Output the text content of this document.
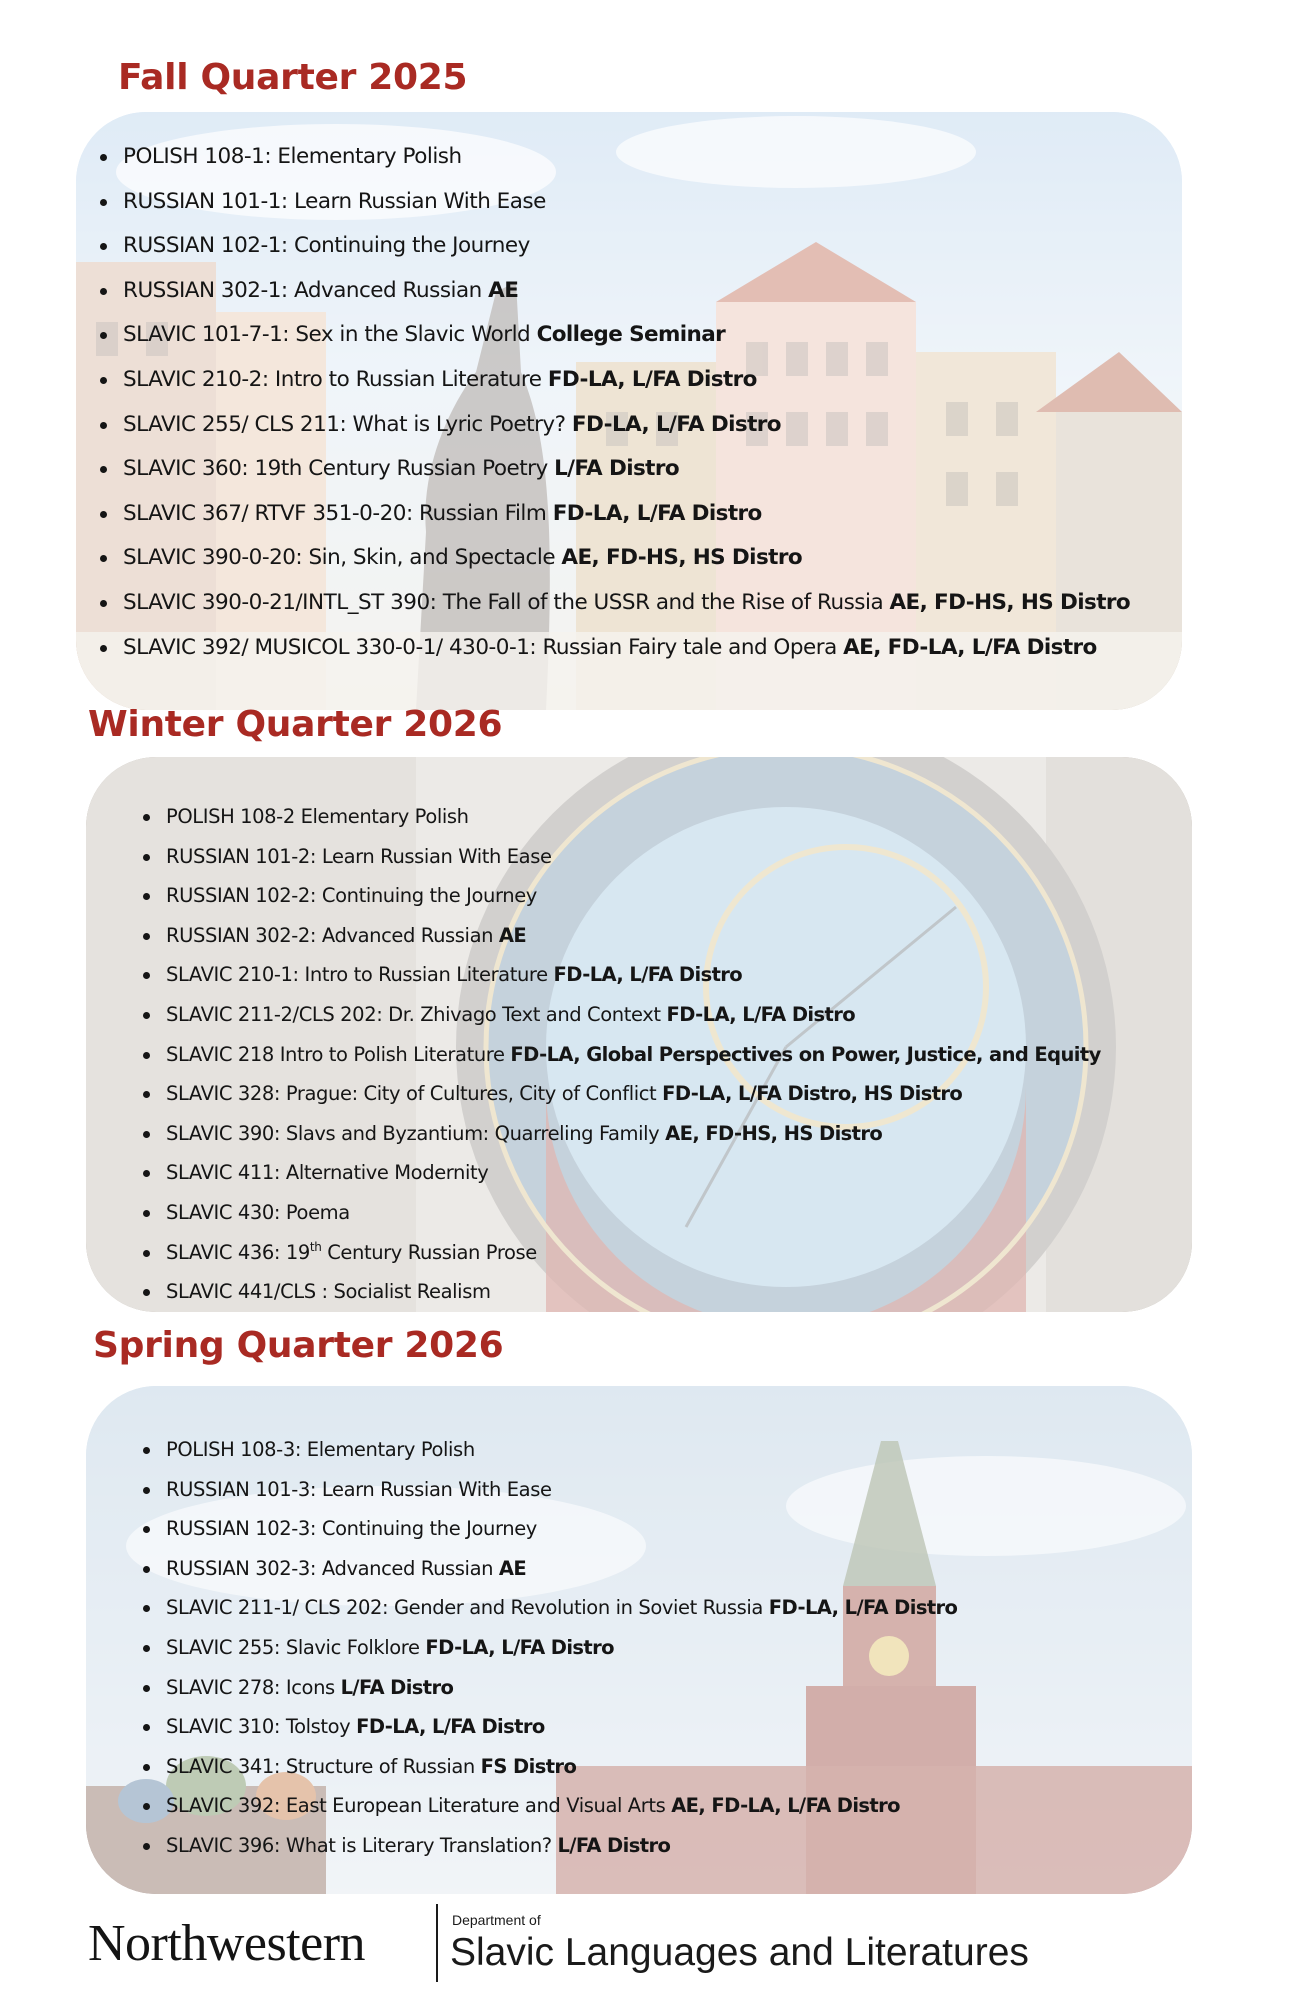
Fall Quarter 2025
POLISH 108-1: Elementary Polish
RUSSIAN 101-1: Learn Russian With Ease
RUSSIAN 102-1: Continuing the Journey
RUSSIAN 302-1: Advanced Russian AE
SLAVIC 101-7-1: Sex in the Slavic World College Seminar
SLAVIC 210-2: Intro to Russian Literature FD-LA, L/FA Distro
SLAVIC 255/ CLS 211: What is Lyric Poetry? FD-LA, L/FA Distro
SLAVIC 360: 19th Century Russian Poetry L/FA Distro
SLAVIC 367/ RTVF 351-0-20: Russian Film FD-LA, L/FA Distro
SLAVIC 390-0-20: Sin, Skin, and Spectacle AE, FD-HS, HS Distro
SLAVIC 390-0-21/INTL_ST 390: The Fall of the USSR and the Rise of Russia AE, FD-HS, HS Distro
SLAVIC 392/ MUSICOL 330-0-1/ 430-0-1: Russian Fairy tale and Opera AE, FD-LA, L/FA Distro
Winter Quarter 2026
POLISH 108-2 Elementary Polish
RUSSIAN 101-2: Learn Russian With Ease
RUSSIAN 102-2: Continuing the Journey
RUSSIAN 302-2: Advanced Russian AE
SLAVIC 210-1: Intro to Russian Literature FD-LA, L/FA Distro
SLAVIC 211-2/CLS 202: Dr. Zhivago Text and Context FD-LA, L/FA Distro
SLAVIC 218 Intro to Polish Literature FD-LA, Global Perspectives on Power, Justice, and Equity
SLAVIC 328: Prague: City of Cultures, City of Conflict FD-LA, L/FA Distro, HS Distro
SLAVIC 390: Slavs and Byzantium: Quarreling Family AE, FD-HS, HS Distro
SLAVIC 411: Alternative Modernity
SLAVIC 430: Poema
SLAVIC 436: 19th Century Russian Prose
SLAVIC 441/CLS : Socialist Realism
Spring Quarter 2026
POLISH 108-3: Elementary Polish
RUSSIAN 101-3: Learn Russian With Ease
RUSSIAN 102-3: Continuing the Journey
RUSSIAN 302-3: Advanced Russian AE
SLAVIC 211-1/ CLS 202: Gender and Revolution in Soviet Russia FD-LA, L/FA Distro
SLAVIC 255: Slavic Folklore FD-LA, L/FA Distro
SLAVIC 278: Icons L/FA Distro
SLAVIC 310: Tolstoy FD-LA, L/FA Distro
SLAVIC 341: Structure of Russian FS Distro
SLAVIC 392: East European Literature and Visual Arts AE, FD-LA, L/FA Distro
SLAVIC 396: What is Literary Translation? L/FA Distro
Northwestern	Department of
Slavic Languages and Literatures
